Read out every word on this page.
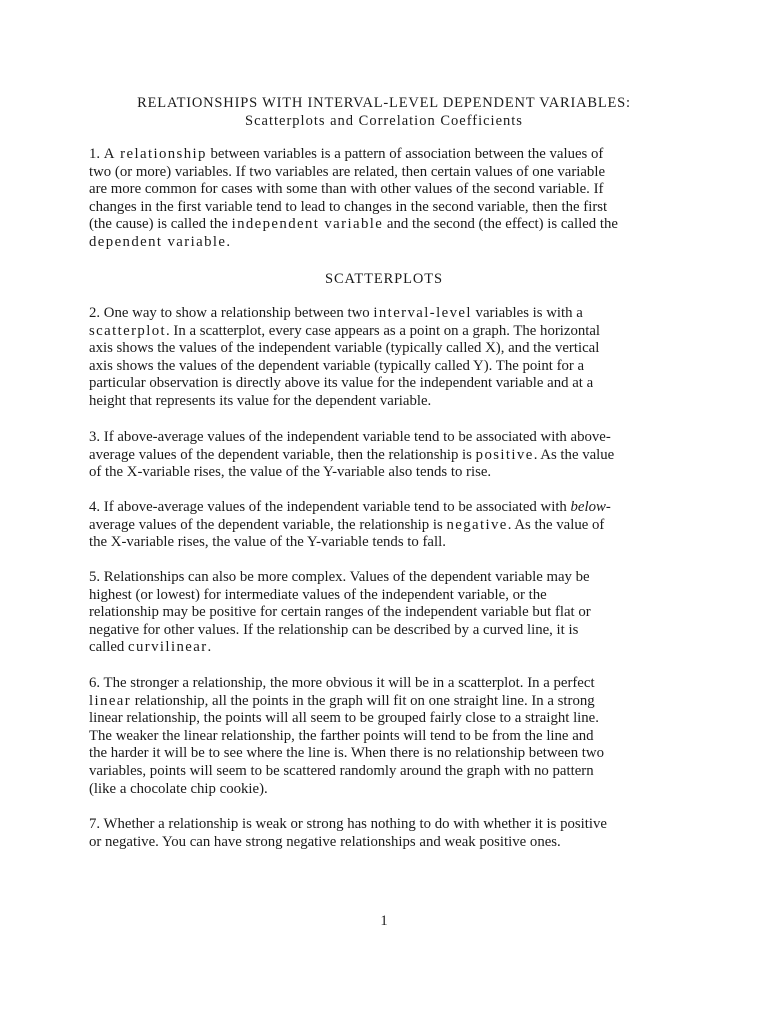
RELATIONSHIPS WITH INTERVAL-LEVEL DEPENDENT VARIABLES:

Scatterplots and Correlation Coefficients

1. A relationship between variables is a pattern of association between the values of
two (or more) variables. If two variables are related, then certain values of one variable
are more common for cases with some than with other values of the second variable. If
changes in the first variable tend to lead to changes in the second variable, then the first
(the cause) is called the independent variable and the second (the effect) is called the
dependent variable.

SCATTERPLOTS

2. One way to show a relationship between two interval-level variables is with a
scatterplot. In a scatterplot, every case appears as a point on a graph. The horizontal
axis shows the values of the independent variable (typically called X), and the vertical
axis shows the values of the dependent variable (typically called Y). The point for a
particular observation is directly above its value for the independent variable and at a
height that represents its value for the dependent variable.
3. If above-average values of the independent variable tend to be associated with above-
average values of the dependent variable, then the relationship is positive. As the value
of the X-variable rises, the value of the Y-variable also tends to rise.
4. If above-average values of the independent variable tend to be associated with below-
average values of the dependent variable, the relationship is negative. As the value of
the X-variable rises, the value of the Y-variable tends to fall.
5. Relationships can also be more complex. Values of the dependent variable may be
highest (or lowest) for intermediate values of the independent variable, or the
relationship may be positive for certain ranges of the independent variable but flat or
negative for other values. If the relationship can be described by a curved line, it is
called curvilinear.
6. The stronger a relationship, the more obvious it will be in a scatterplot. In a perfect
linear relationship, all the points in the graph will fit on one straight line. In a strong
linear relationship, the points will all seem to be grouped fairly close to a straight line.
The weaker the linear relationship, the farther points will tend to be from the line and
the harder it will be to see where the line is. When there is no relationship between two
variables, points will seem to be scattered randomly around the graph with no pattern
(like a chocolate chip cookie).
7. Whether a relationship is weak or strong has nothing to do with whether it is positive
or negative. You can have strong negative relationships and weak positive ones.

1
